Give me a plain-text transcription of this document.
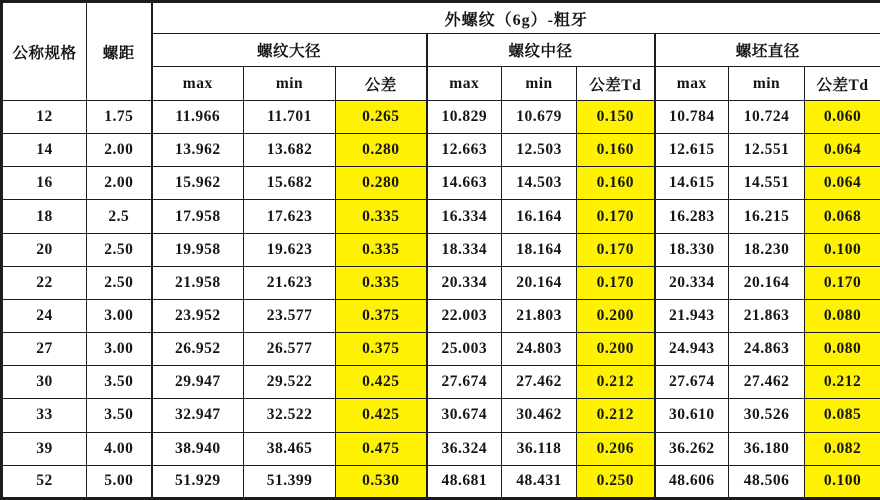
公称规格	螺距	外螺纹（6g）-粗牙								
		螺纹大径			螺纹中径			螺坯直径		
		max	min	公差	max	min	公差Td	max	min	公差Td
12	1.75	11.966	11.701	0.265	10.829	10.679	0.150	10.784	10.724	0.060
14	2.00	13.962	13.682	0.280	12.663	12.503	0.160	12.615	12.551	0.064
16	2.00	15.962	15.682	0.280	14.663	14.503	0.160	14.615	14.551	0.064
18	2.5	17.958	17.623	0.335	16.334	16.164	0.170	16.283	16.215	0.068
20	2.50	19.958	19.623	0.335	18.334	18.164	0.170	18.330	18.230	0.100
22	2.50	21.958	21.623	0.335	20.334	20.164	0.170	20.334	20.164	0.170
24	3.00	23.952	23.577	0.375	22.003	21.803	0.200	21.943	21.863	0.080
27	3.00	26.952	26.577	0.375	25.003	24.803	0.200	24.943	24.863	0.080
30	3.50	29.947	29.522	0.425	27.674	27.462	0.212	27.674	27.462	0.212
33	3.50	32.947	32.522	0.425	30.674	30.462	0.212	30.610	30.526	0.085
39	4.00	38.940	38.465	0.475	36.324	36.118	0.206	36.262	36.180	0.082
52	5.00	51.929	51.399	0.530	48.681	48.431	0.250	48.606	48.506	0.100
